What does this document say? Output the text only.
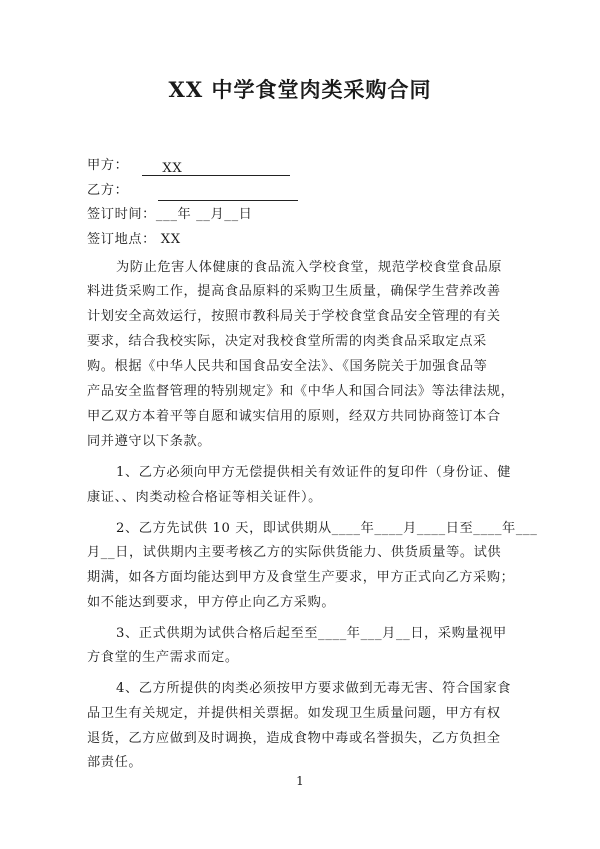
XX 中学食堂肉类采购合同
甲方：	XX
乙方：
签订时间：___年 __月__日
签订地点： XX
为防止危害人体健康的食品流入学校食堂，规范学校食堂食品原
料进货采购工作，提高食品原料的采购卫生质量，确保学生营养改善
计划安全高效运行，按照市教科局关于学校食堂食品安全管理的有关
要求，结合我校实际，决定对我校食堂所需的肉类食品采取定点采
购。根据《中华人民共和国食品安全法》、《国务院关于加强食品等
产品安全监督管理的特别规定》和《中华人和国合同法》等法律法规，
甲乙双方本着平等自愿和诚实信用的原则，经双方共同协商签订本合
同并遵守以下条款。
1、乙方必须向甲方无偿提供相关有效证件的复印件（身份证、健
康证、、肉类动检合格证等相关证件）。
2、乙方先试供 10 天，即试供期从____年____月____日至____年___
月__日，试供期内主要考核乙方的实际供货能力、供货质量等。试供
期满，如各方面均能达到甲方及食堂生产要求，甲方正式向乙方采购；
如不能达到要求，甲方停止向乙方采购。
3、正式供期为试供合格后起至至____年___月__日，采购量视甲
方食堂的生产需求而定。
4、乙方所提供的肉类必须按甲方要求做到无毒无害、符合国家食
品卫生有关规定，并提供相关票据。如发现卫生质量问题，甲方有权
退货，乙方应做到及时调换，造成食物中毒或名誉损失，乙方负担全
部责任。
1
